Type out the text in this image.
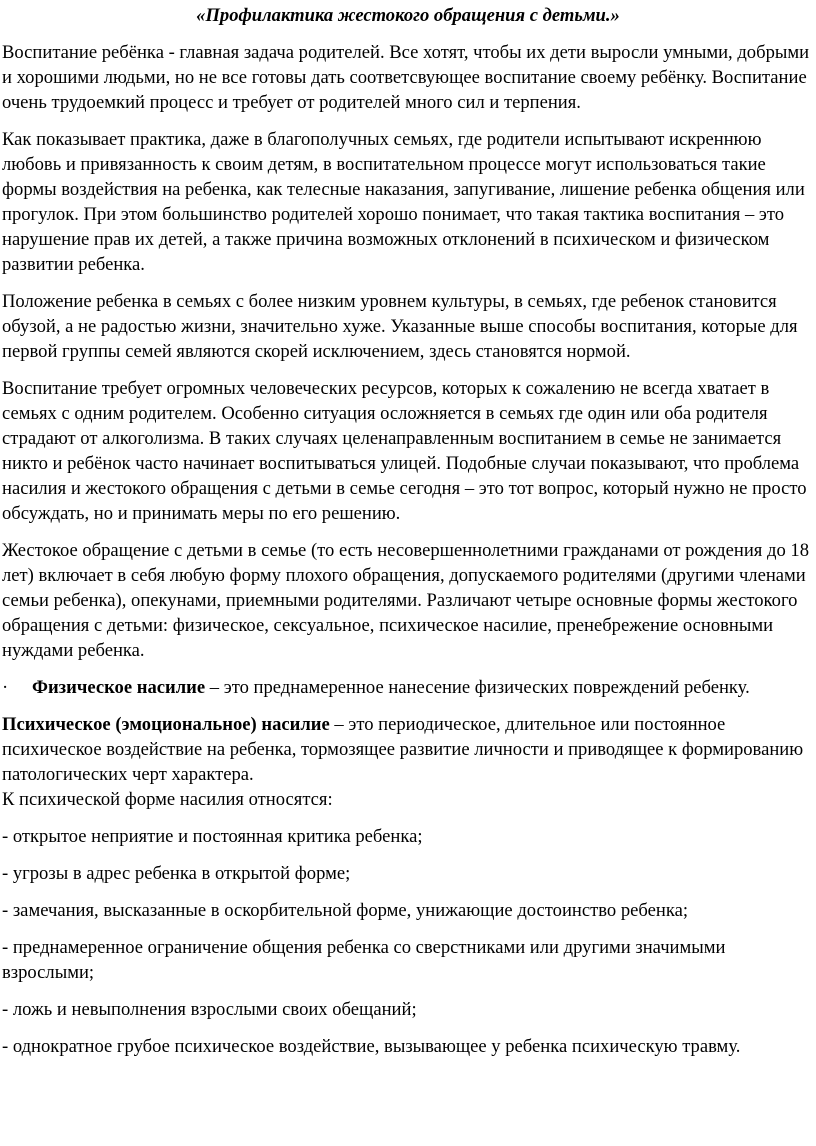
«Профилактика жестокого обращения с детьми.»

Воспитание ребёнка - главная задача родителей. Все хотят, чтобы их дети выросли умными, добрыми и хорошими людьми, но не все готовы дать соответсвующее воспитание своему ребёнку. Воспитание очень трудоемкий процесс и требует от родителей много сил и терпения.

Как показывает практика, даже в благополучных семьях, где родители испытывают искреннюю любовь и привязанность к своим детям, в воспитательном процессе могут использоваться такие формы воздействия на ребенка, как телесные наказания, запугивание, лишение ребенка общения или прогулок. При этом большинство родителей хорошо понимает, что такая тактика воспитания – это нарушение прав их детей, а также причина возможных отклонений в психическом и физическом развитии ребенка.

Положение ребенка в семьях с более низким уровнем культуры, в семьях, где ребенок становится обузой, а не радостью жизни, значительно хуже. Указанные выше способы воспитания, которые для первой группы семей являются скорей исключением, здесь становятся нормой.

Воспитание требует огромных человеческих ресурсов, которых к сожалению не всегда хватает в семьях с одним родителем. Особенно ситуация осложняется в семьях где один или оба родителя страдают от алкоголизма. В таких случаях целенаправленным воспитанием в семье не занимается никто и ребёнок часто начинает воспитываться улицей. Подобные случаи показывают, что проблема насилия и жестокого обращения с детьми в семье сегодня – это тот вопрос, который нужно не просто обсуждать, но и принимать меры по его решению.

Жестокое обращение с детьми в семье (то есть несовершеннолетними гражданами от рождения до 18 лет) включает в себя любую форму плохого обращения, допускаемого родителями (другими членами семьи ребенка), опекунами, приемными родителями. Различают четыре основные формы жестокого обращения с детьми: физическое, сексуальное, психическое насилие, пренебрежение основными нуждами ребенка.

· Физическое насилие – это преднамеренное нанесение физических повреждений ребенку.

Психическое (эмоциональное) насилие – это периодическое, длительное или постоянное психическое воздействие на ребенка, тормозящее развитие личности и приводящее к формированию патологических черт характера.

К психической форме насилия относятся:

- открытое неприятие и постоянная критика ребенка;

- угрозы в адрес ребенка в открытой форме;

- замечания, высказанные в оскорбительной форме, унижающие достоинство ребенка;

- преднамеренное ограничение общения ребенка со сверстниками или другими значимыми взрослыми;

- ложь и невыполнения взрослыми своих обещаний;

- однократное грубое психическое воздействие, вызывающее у ребенка психическую травму.
